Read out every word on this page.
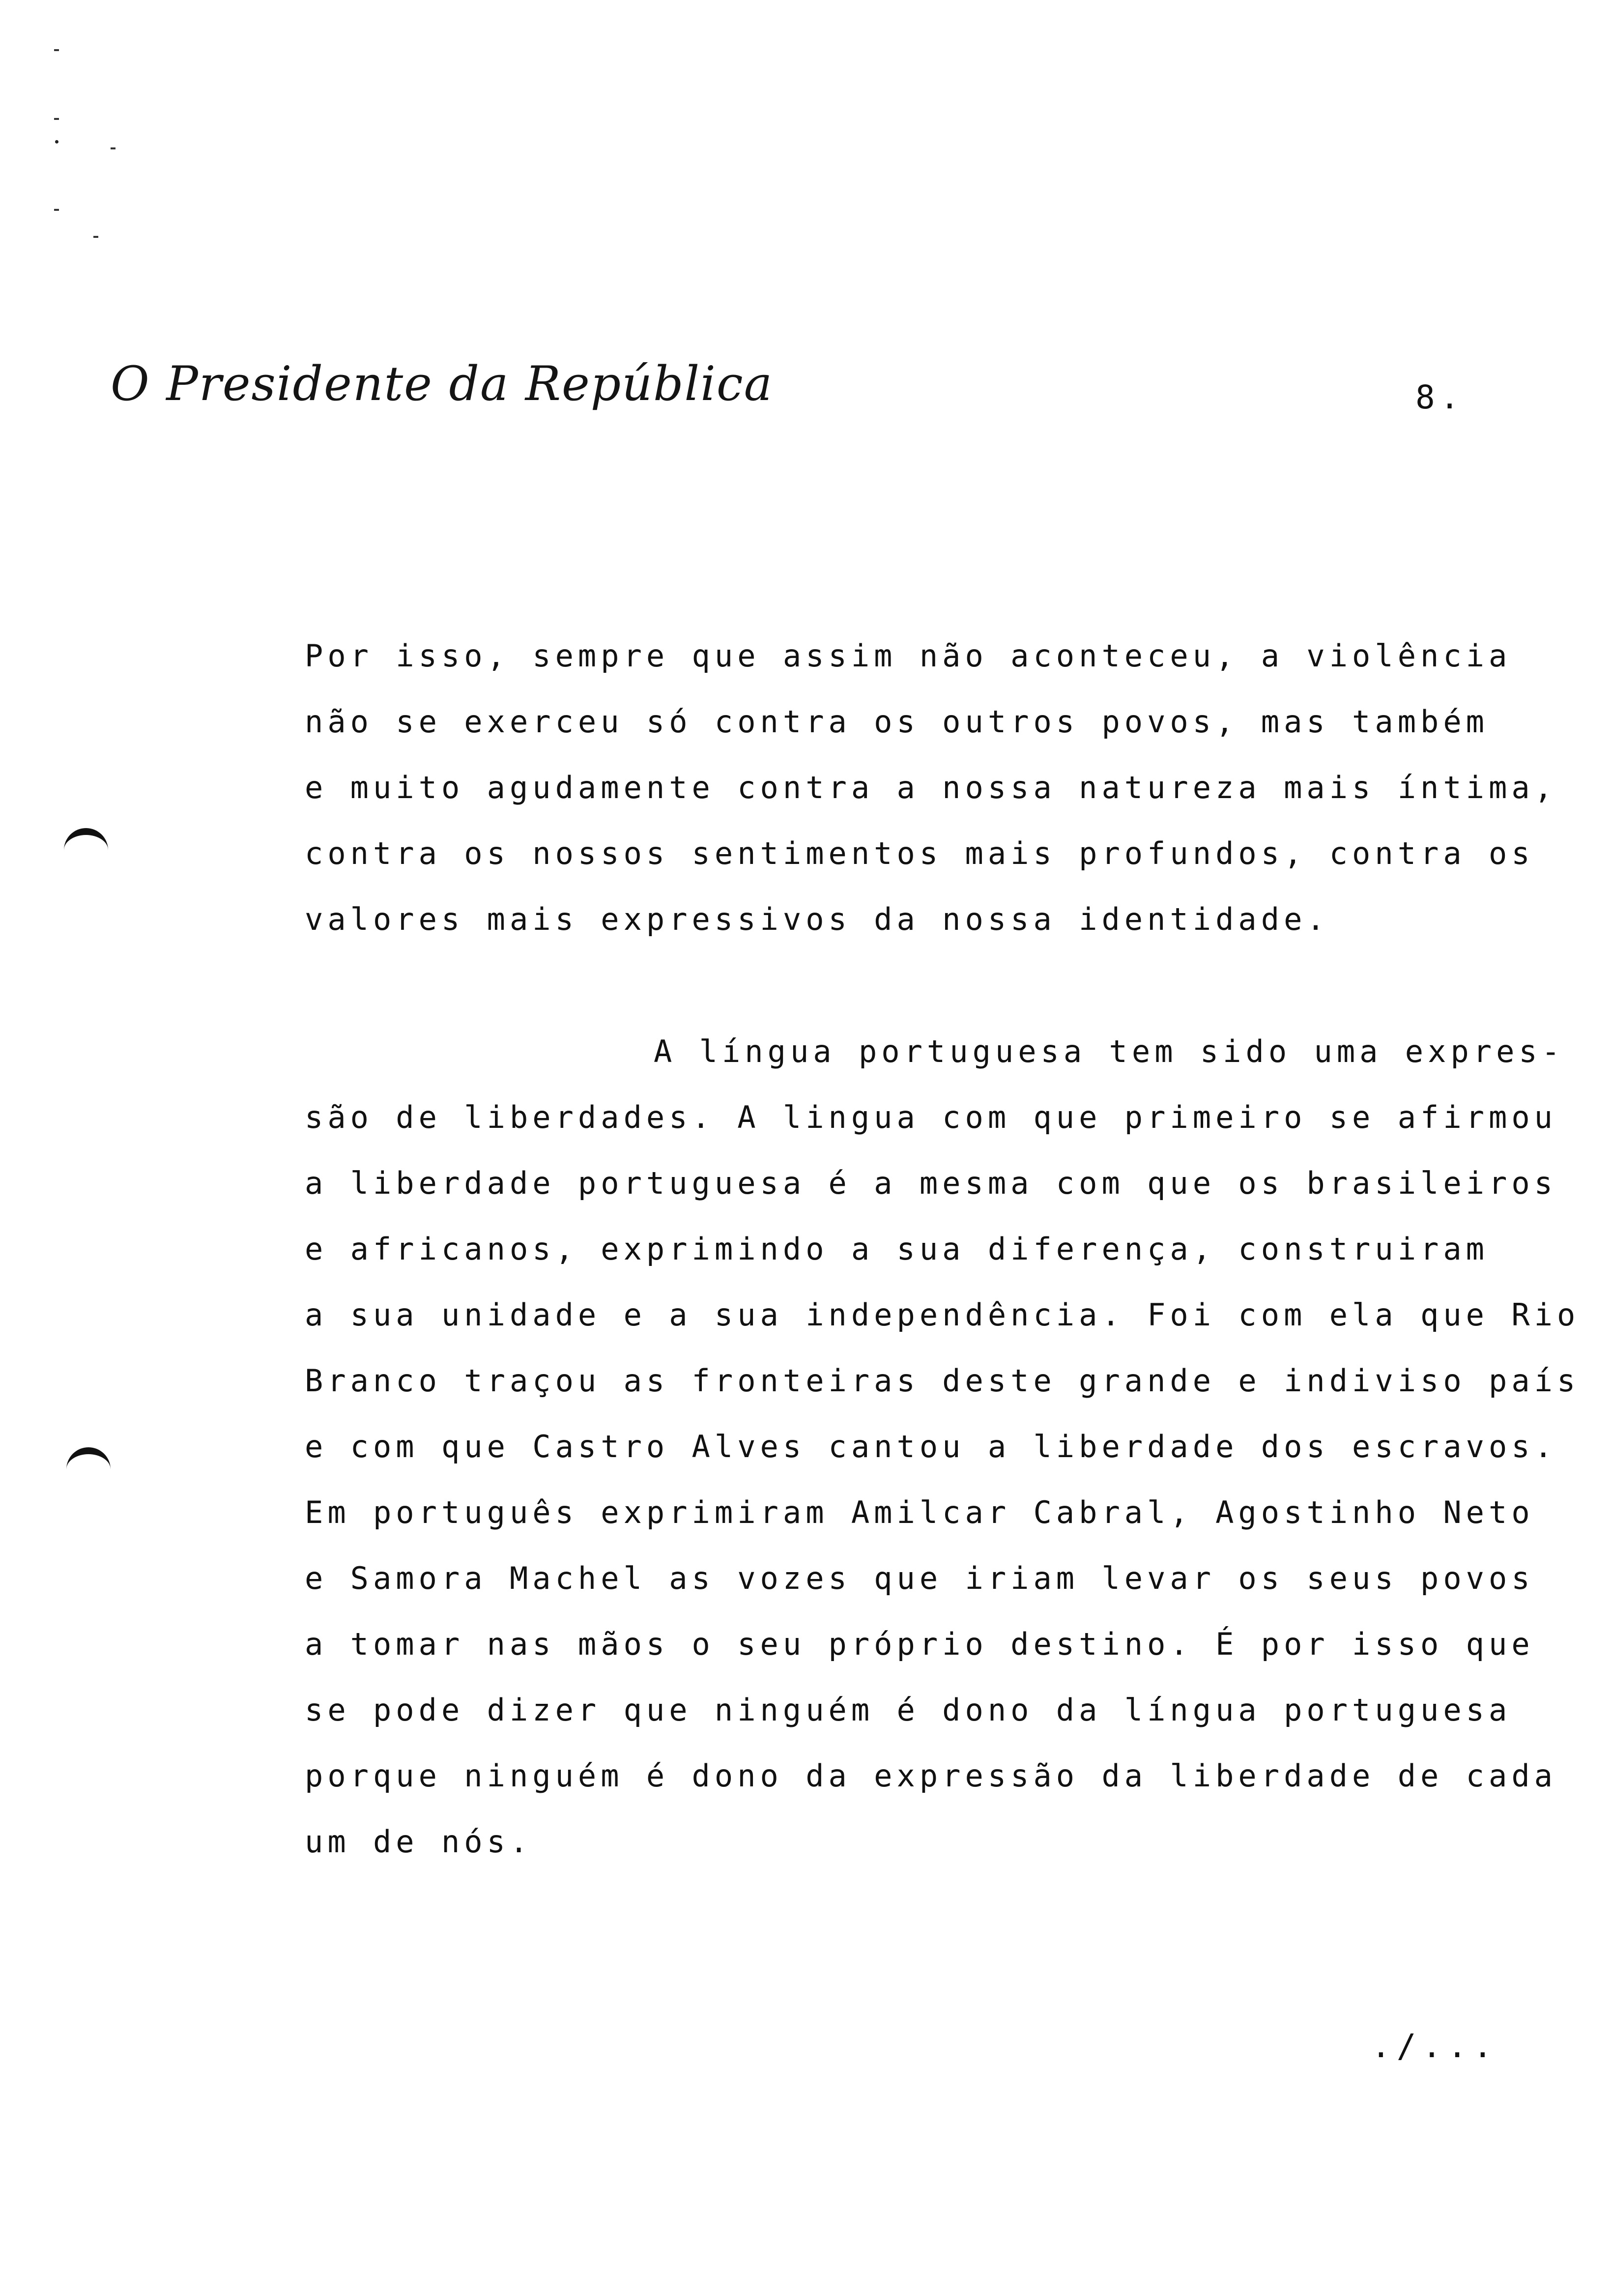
O Presidente da República	8.
Por isso, sempre que assim não aconteceu, a violência
não se exerceu só contra os outros povos, mas também
e muito agudamente contra a nossa natureza mais íntima,
contra os nossos sentimentos mais profundos, contra os
valores mais expressivos da nossa identidade.
A língua portuguesa tem sido uma expres-
são de liberdades. A lingua com que primeiro se afirmou
a liberdade portuguesa é a mesma com que os brasileiros
e africanos, exprimindo a sua diferença, construiram
a sua unidade e a sua independência. Foi com ela que Rio
Branco traçou as fronteiras deste grande e indiviso país
e com que Castro Alves cantou a liberdade dos escravos.
Em português exprimiram Amilcar Cabral, Agostinho Neto
e Samora Machel as vozes que iriam levar os seus povos
a tomar nas mãos o seu próprio destino. É por isso que
se pode dizer que ninguém é dono da língua portuguesa
porque ninguém é dono da expressão da liberdade de cada
um de nós.
./...
